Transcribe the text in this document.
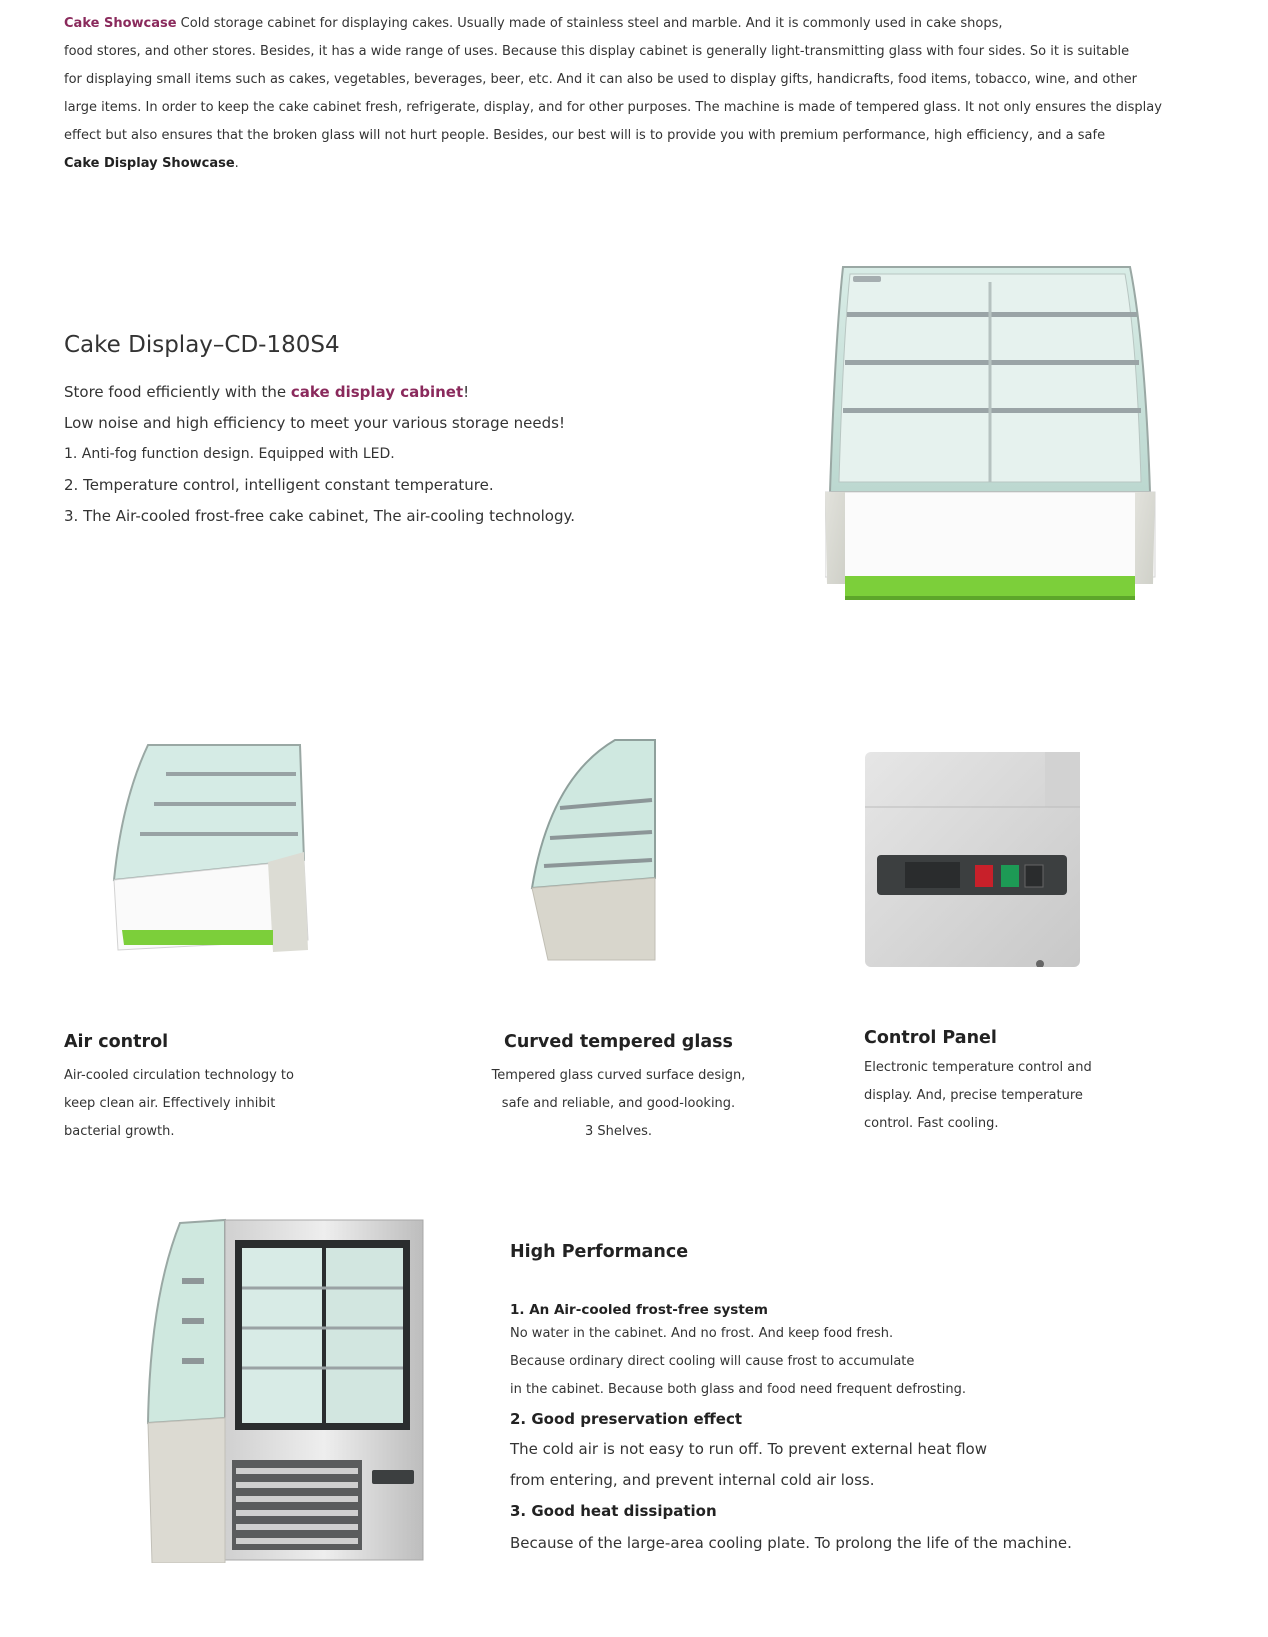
Cake Showcase Cold storage cabinet for displaying cakes. Usually made of stainless steel and marble. And it is commonly used in cake shops,
food stores, and other stores. Besides, it has a wide range of uses. Because this display cabinet is generally light-transmitting glass with four sides. So it is suitable
for displaying small items such as cakes, vegetables, beverages, beer, etc. And it can also be used to display gifts, handicrafts, food items, tobacco, wine, and other
large items. In order to keep the cake cabinet fresh, refrigerate, display, and for other purposes. The machine is made of tempered glass. It not only ensures the display
effect but also ensures that the broken glass will not hurt people. Besides, our best will is to provide you with premium performance, high efficiency, and a safe
Cake Display Showcase.
Cake Display–CD-180S4
Store food efficiently with the cake display cabinet!
Low noise and high efficiency to meet your various storage needs!
1. Anti-fog function design. Equipped with LED.
2. Temperature control, intelligent constant temperature.
3. The Air-cooled frost-free cake cabinet, The air-cooling technology.
Air control
Air-cooled circulation technology to
keep clean air. Effectively inhibit
bacterial growth.
Curved tempered glass
Tempered glass curved surface design,
safe and reliable, and good-looking.
3 Shelves.
Control Panel
Electronic temperature control and
display. And, precise temperature
control. Fast cooling.
High Performance
1. An Air-cooled frost-free system
No water in the cabinet. And no frost. And keep food fresh.
Because ordinary direct cooling will cause frost to accumulate
in the cabinet. Because both glass and food need frequent defrosting.
2. Good preservation effect
The cold air is not easy to run off. To prevent external heat flow
from entering, and prevent internal cold air loss.
3. Good heat dissipation
Because of the large-area cooling plate. To prolong the life of the machine.
